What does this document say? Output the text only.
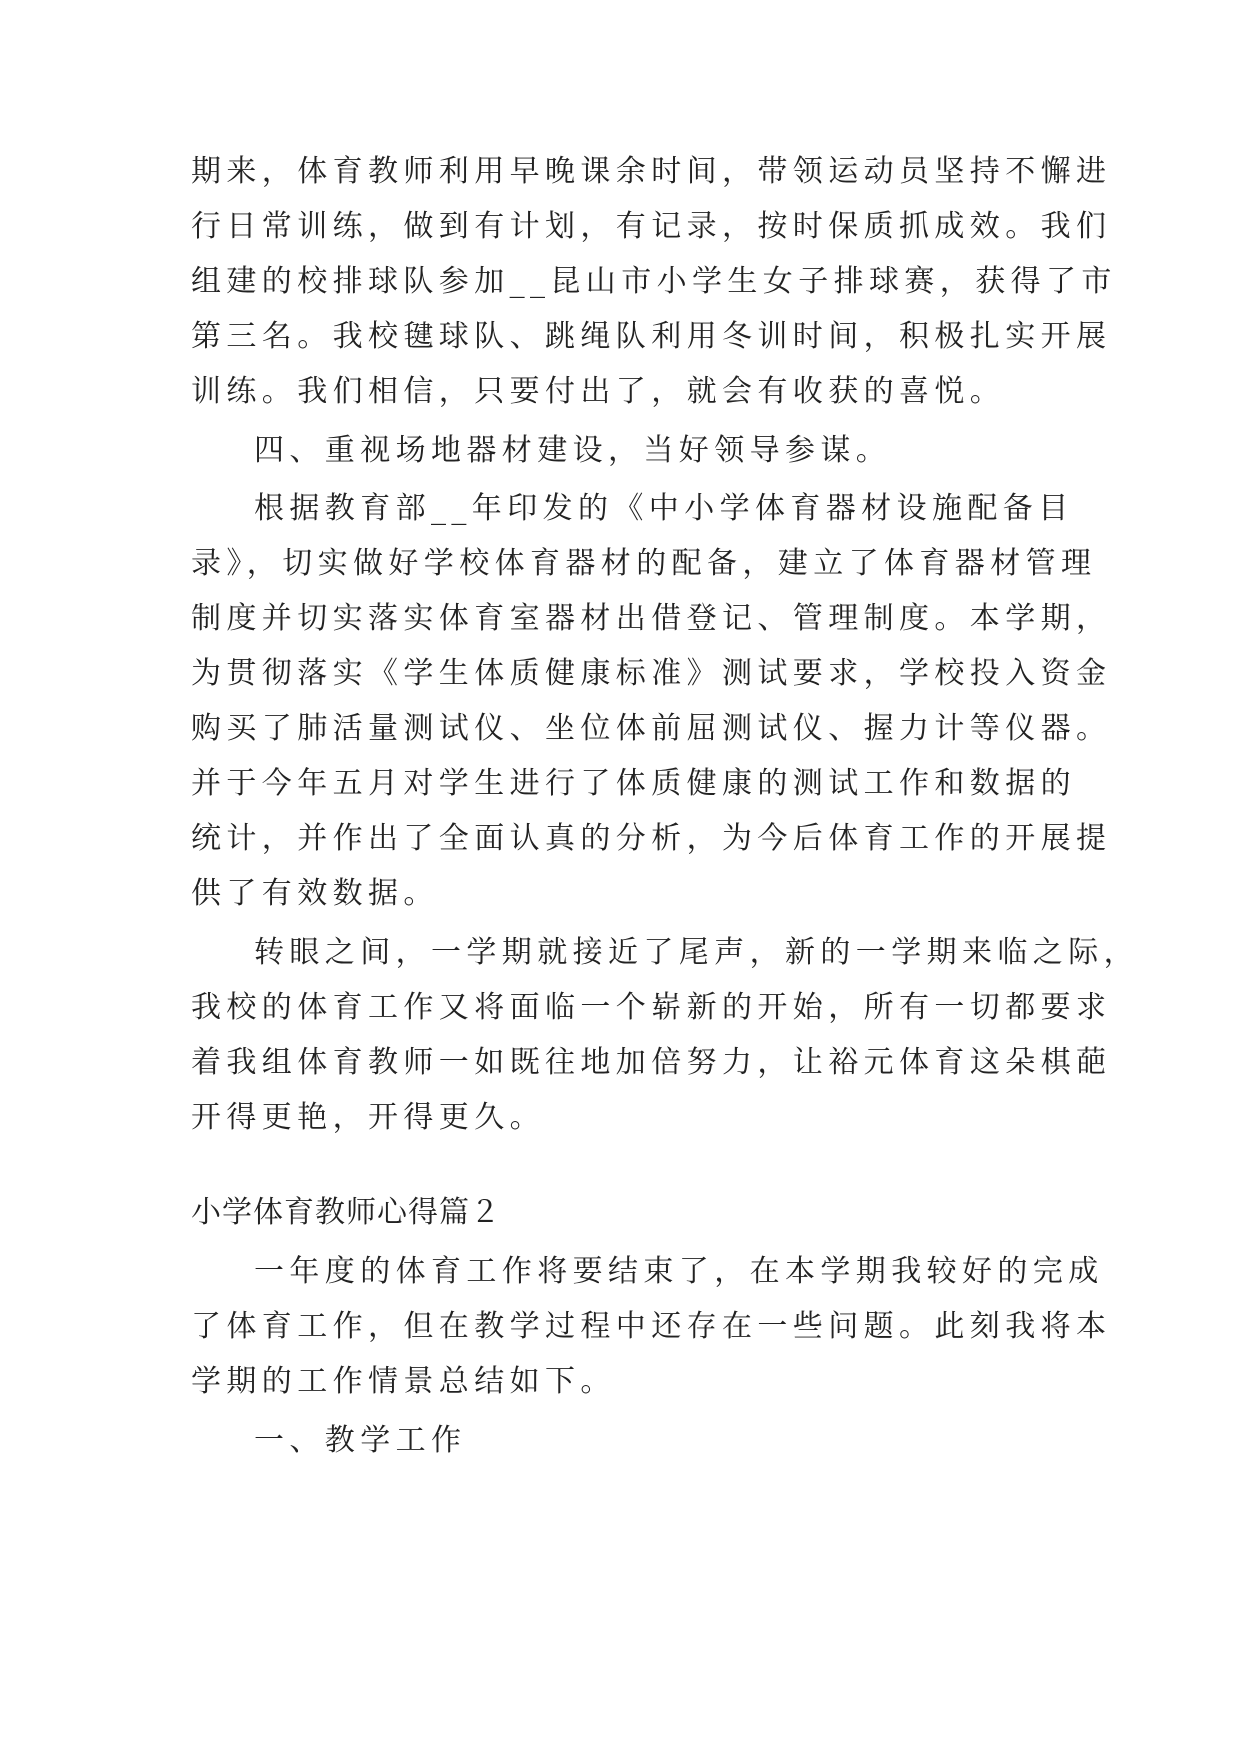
期来，体育教师利用早晚课余时间，带领运动员坚持不懈进
行日常训练，做到有计划，有记录，按时保质抓成效。我们
组建的校排球队参加__昆山市小学生女子排球赛，获得了市
第三名。我校毽球队、跳绳队利用冬训时间，积极扎实开展
训练。我们相信，只要付出了，就会有收获的喜悦。
四、重视场地器材建设，当好领导参谋。
根据教育部__年印发的《中小学体育器材设施配备目
录》，切实做好学校体育器材的配备，建立了体育器材管理
制度并切实落实体育室器材出借登记、管理制度。本学期，
为贯彻落实《学生体质健康标准》测试要求，学校投入资金
购买了肺活量测试仪、坐位体前屈测试仪、握力计等仪器。
并于今年五月对学生进行了体质健康的测试工作和数据的
统计，并作出了全面认真的分析，为今后体育工作的开展提
供了有效数据。
转眼之间，一学期就接近了尾声，新的一学期来临之际，
我校的体育工作又将面临一个崭新的开始，所有一切都要求
着我组体育教师一如既往地加倍努力，让裕元体育这朵棋葩
开得更艳，开得更久。
小学体育教师心得篇２
一年度的体育工作将要结束了，在本学期我较好的完成
了体育工作，但在教学过程中还存在一些问题。此刻我将本
学期的工作情景总结如下。
一、教学工作
